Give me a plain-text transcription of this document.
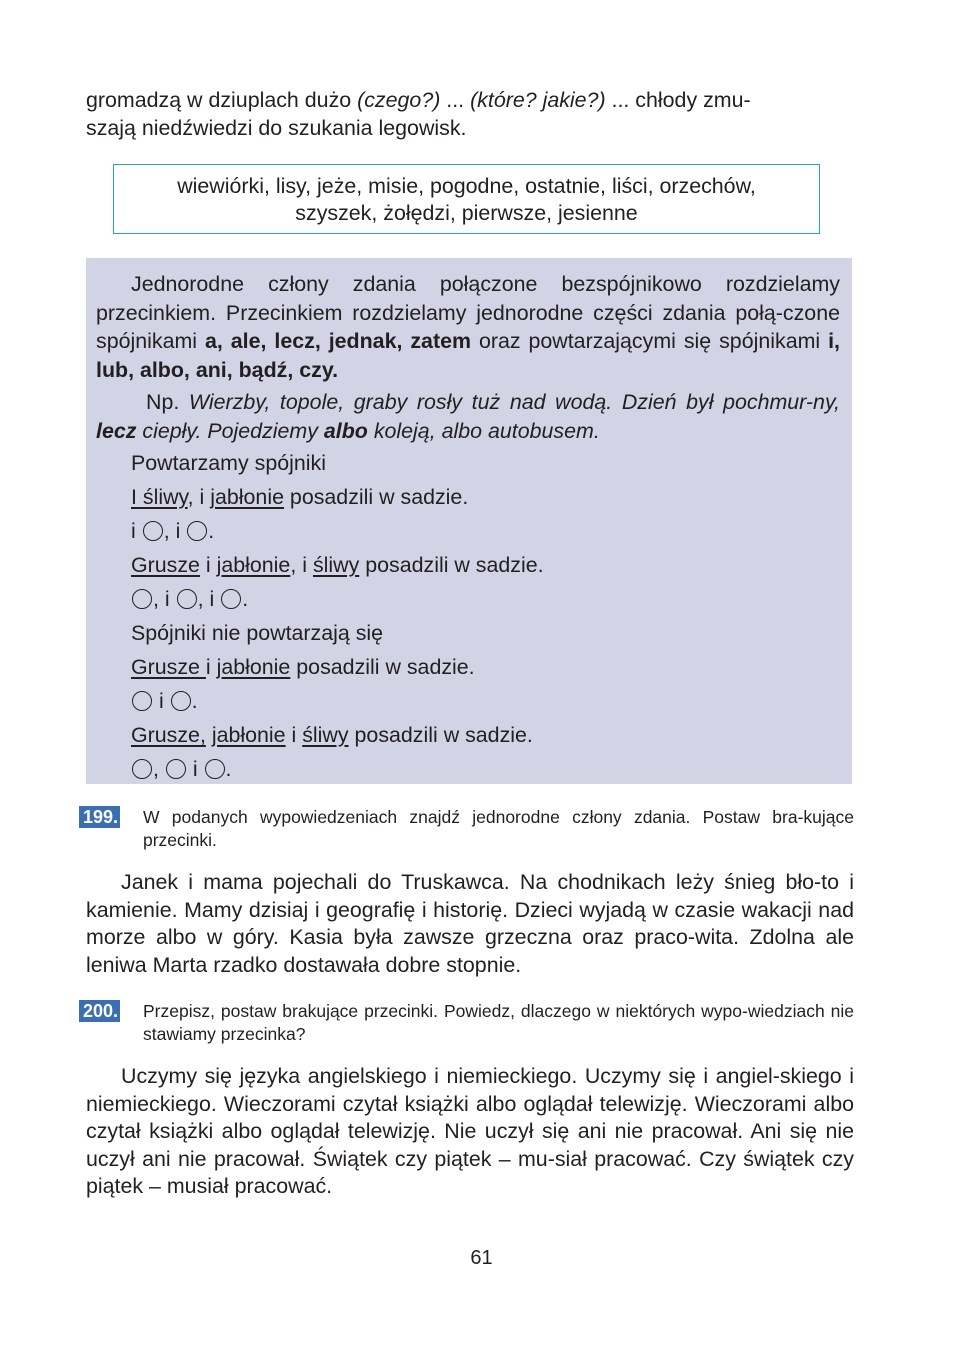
gromadzą w dziuplach dużo (czego?) ... (które? jakie?) ... chłody zmu-

szają niedźwiedzi do szukania legowisk.

wiewiórki, lisy, jeże, misie, pogodne, ostatnie, liści, orzechów,
szyszek, żołędzi, pierwsze, jesienne

Jednorodne człony zdania połączone bezspójnikowo rozdzielamy przecinkiem. Przecinkiem rozdzielamy jednorodne części zdania połą-czone spójnikami a, ale, lecz, jednak, zatem oraz powtarzającymi się spójnikami i, lub, albo, ani, bądź, czy.

Np. Wierzby, topole, graby rosły tuż nad wodą. Dzień był pochmur-ny, lecz ciepły. Pojedziemy albo koleją, albo autobusem.

Powtarzamy spójniki
I śliwy, i jabłonie posadzili w sadzie.
i , i .
Grusze i jabłonie, i śliwy posadzili w sadzie.
, i , i .
Spójniki nie powtarzają się
Grusze i jabłonie posadzili w sadzie.
i .
Grusze, jabłonie i śliwy posadzili w sadzie.
,  i .
199. W podanych wypowiedzeniach znajdź jednorodne człony zdania. Postaw bra-kujące przecinki.

Janek i mama pojechali do Truskawca. Na chodnikach leży śnieg bło-to i kamienie. Mamy dzisiaj i geografię i historię. Dzieci wyjadą w czasie wakacji nad morze albo w góry. Kasia była zawsze grzeczna oraz praco-wita. Zdolna ale leniwa Marta rzadko dostawała dobre stopnie.

200. Przepisz, postaw brakujące przecinki. Powiedz, dlaczego w niektórych wypo-wiedziach nie stawiamy przecinka?

Uczymy się języka angielskiego i niemieckiego. Uczymy się i angiel-skiego i niemieckiego. Wieczorami czytał książki albo oglądał telewizję. Wieczorami albo czytał książki albo oglądał telewizję. Nie uczył się ani nie pracował. Ani się nie uczył ani nie pracował. Świątek czy piątek – mu-siał pracować. Czy świątek czy piątek – musiał pracować.

61
